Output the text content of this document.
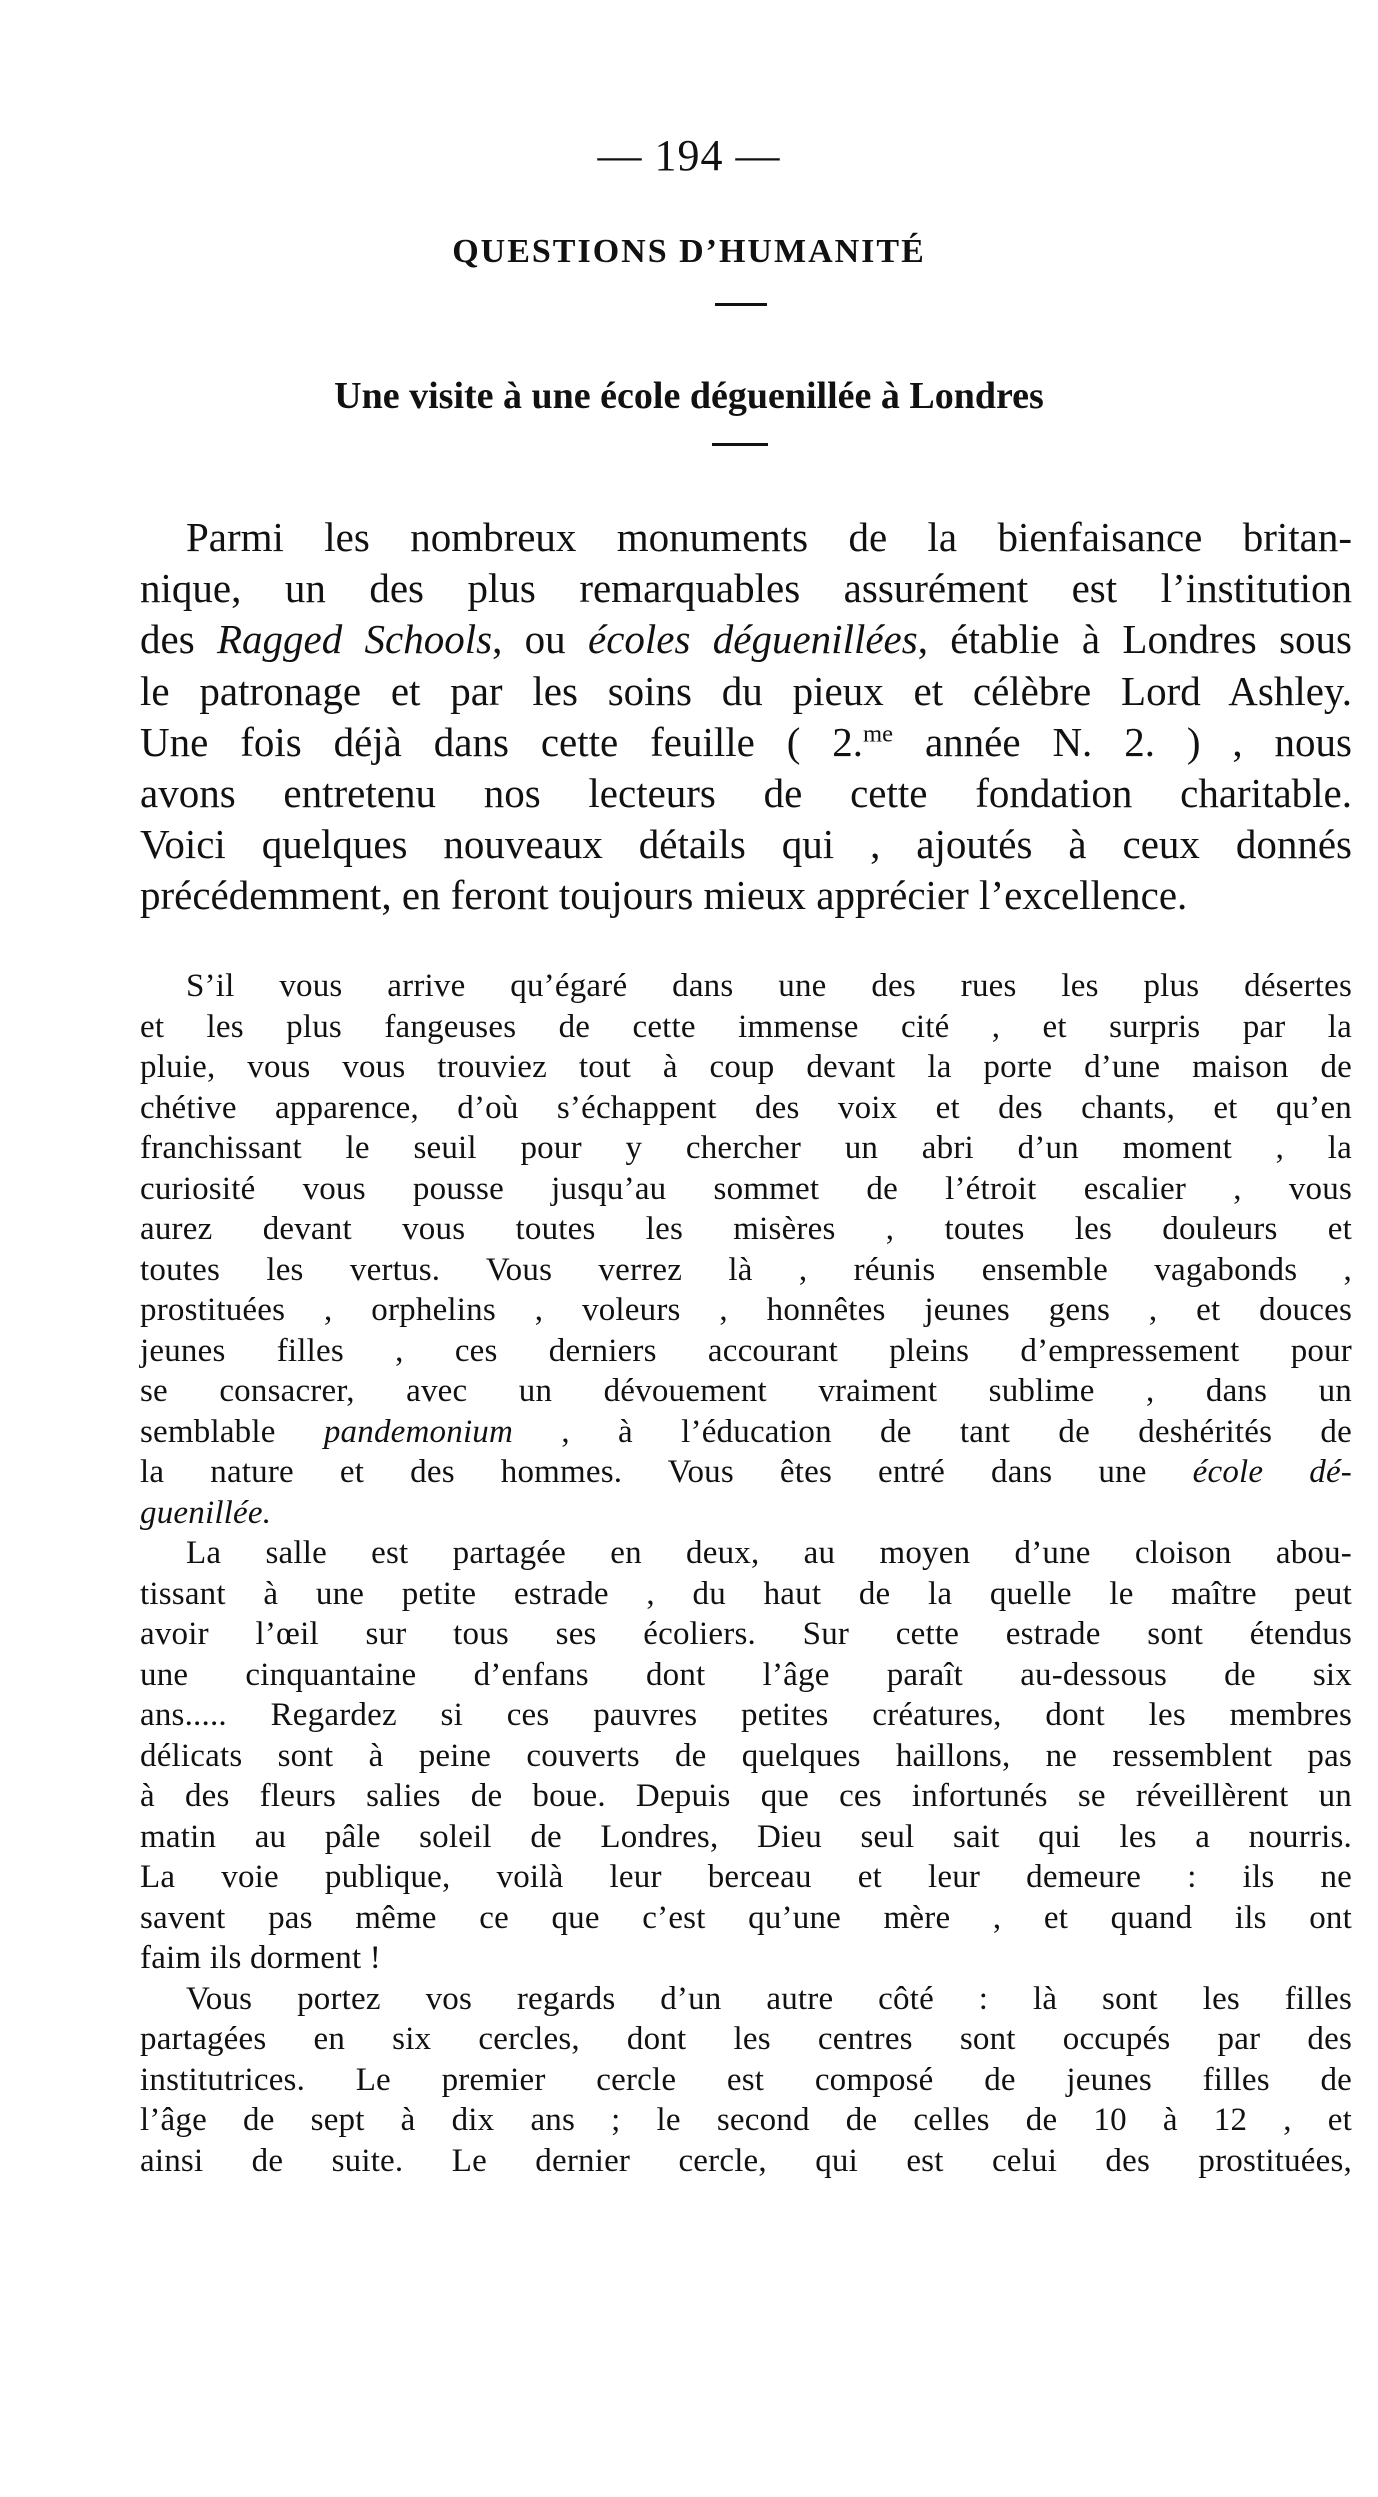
— 194 —
QUESTIONS D’HUMANITÉ
Une visite à une école déguenillée à Londres
Parmi les nombreux monuments de la bienfaisance britan-
nique, un des plus remarquables assurément est l’institution
des Ragged Schools, ou écoles déguenillées, établie à Londres sous
le patronage et par les soins du pieux et célèbre Lord Ashley.
Une fois déjà dans cette feuille ( 2.$^{me}$ année N. 2. ) , nous
avons entretenu nos lecteurs de cette fondation charitable.
Voici quelques nouveaux détails qui , ajoutés à ceux donnés
précédemment, en feront toujours mieux apprécier l’excellence.
S’il vous arrive qu’égaré dans une des rues les plus désertes
et les plus fangeuses de cette immense cité , et surpris par la
pluie, vous vous trouviez tout à coup devant la porte d’une maison de
chétive apparence, d’où s’échappent des voix et des chants, et qu’en
franchissant le seuil pour y chercher un abri d’un moment , la
curiosité vous pousse jusqu’au sommet de l’étroit escalier , vous
aurez devant vous toutes les misères , toutes les douleurs et
toutes les vertus. Vous verrez là , réunis ensemble vagabonds ,
prostituées , orphelins , voleurs , honnêtes jeunes gens , et douces
jeunes filles , ces derniers accourant pleins d’empressement pour
se consacrer, avec un dévouement vraiment sublime , dans un
semblable pandemonium , à l’éducation de tant de deshérités de
la nature et des hommes. Vous êtes entré dans une école dé-
guenillée.
La salle est partagée en deux, au moyen d’une cloison abou-
tissant à une petite estrade , du haut de la quelle le maître peut
avoir l’œil sur tous ses écoliers. Sur cette estrade sont étendus
une cinquantaine d’enfans dont l’âge paraît au-dessous de six
ans..... Regardez si ces pauvres petites créatures, dont les membres
délicats sont à peine couverts de quelques haillons, ne ressemblent pas
à des fleurs salies de boue. Depuis que ces infortunés se réveillèrent un
matin au pâle soleil de Londres, Dieu seul sait qui les a nourris.
La voie publique, voilà leur berceau et leur demeure : ils ne
savent pas même ce que c’est qu’une mère , et quand ils ont
faim ils dorment !
Vous portez vos regards d’un autre côté : là sont les filles
partagées en six cercles, dont les centres sont occupés par des
institutrices. Le premier cercle est composé de jeunes filles de
l’âge de sept à dix ans ; le second de celles de 10 à 12 , et
ainsi de suite. Le dernier cercle, qui est celui des prostituées,
